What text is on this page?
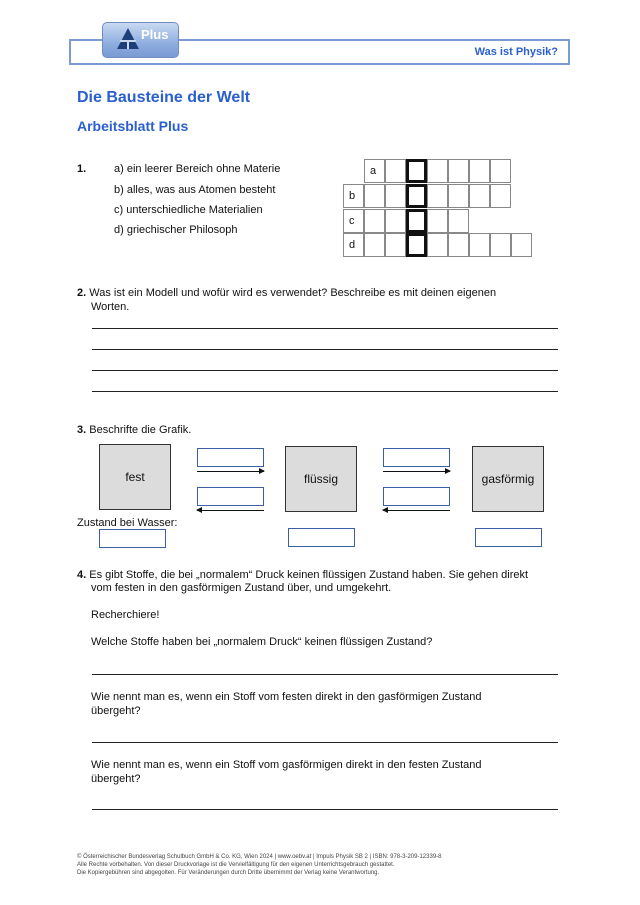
Was ist Physik?
Plus
Die Bausteine der Welt
Arbeitsblatt Plus
1.	a) ein leerer Bereich ohne Materie
b) alles, was aus Atomen besteht
c) unterschiedliche Materialien
d) griechischer Philosoph
a
b
c
d
2. Was ist ein Modell und wofür wird es verwendet? Beschreibe es mit deinen eigenen
Worten.
3. Beschrifte die Grafik.
fest	flüssig	gasförmig
Zustand bei Wasser:
4. Es gibt Stoffe, die bei „normalem“ Druck keinen flüssigen Zustand haben. Sie gehen direkt
vom festen in den gasförmigen Zustand über, und umgekehrt.
Recherchiere!
Welche Stoffe haben bei „normalem Druck“ keinen flüssigen Zustand?
Wie nennt man es, wenn ein Stoff vom festen direkt in den gasförmigen Zustand
übergeht?
Wie nennt man es, wenn ein Stoff vom gasförmigen direkt in den festen Zustand
übergeht?
© Österreichischer Bundesverlag Schulbuch GmbH & Co. KG, Wien 2024 | www.oebv.at | Impuls Physik SB 2 | ISBN: 978-3-209-12339-8
Alle Rechte vorbehalten. Von dieser Druckvorlage ist die Vervielfältigung für den eigenen Unterrichtsgebrauch gestattet.
Die Kopiergebühren sind abgegolten. Für Veränderungen durch Dritte übernimmt der Verlag keine Verantwortung.
